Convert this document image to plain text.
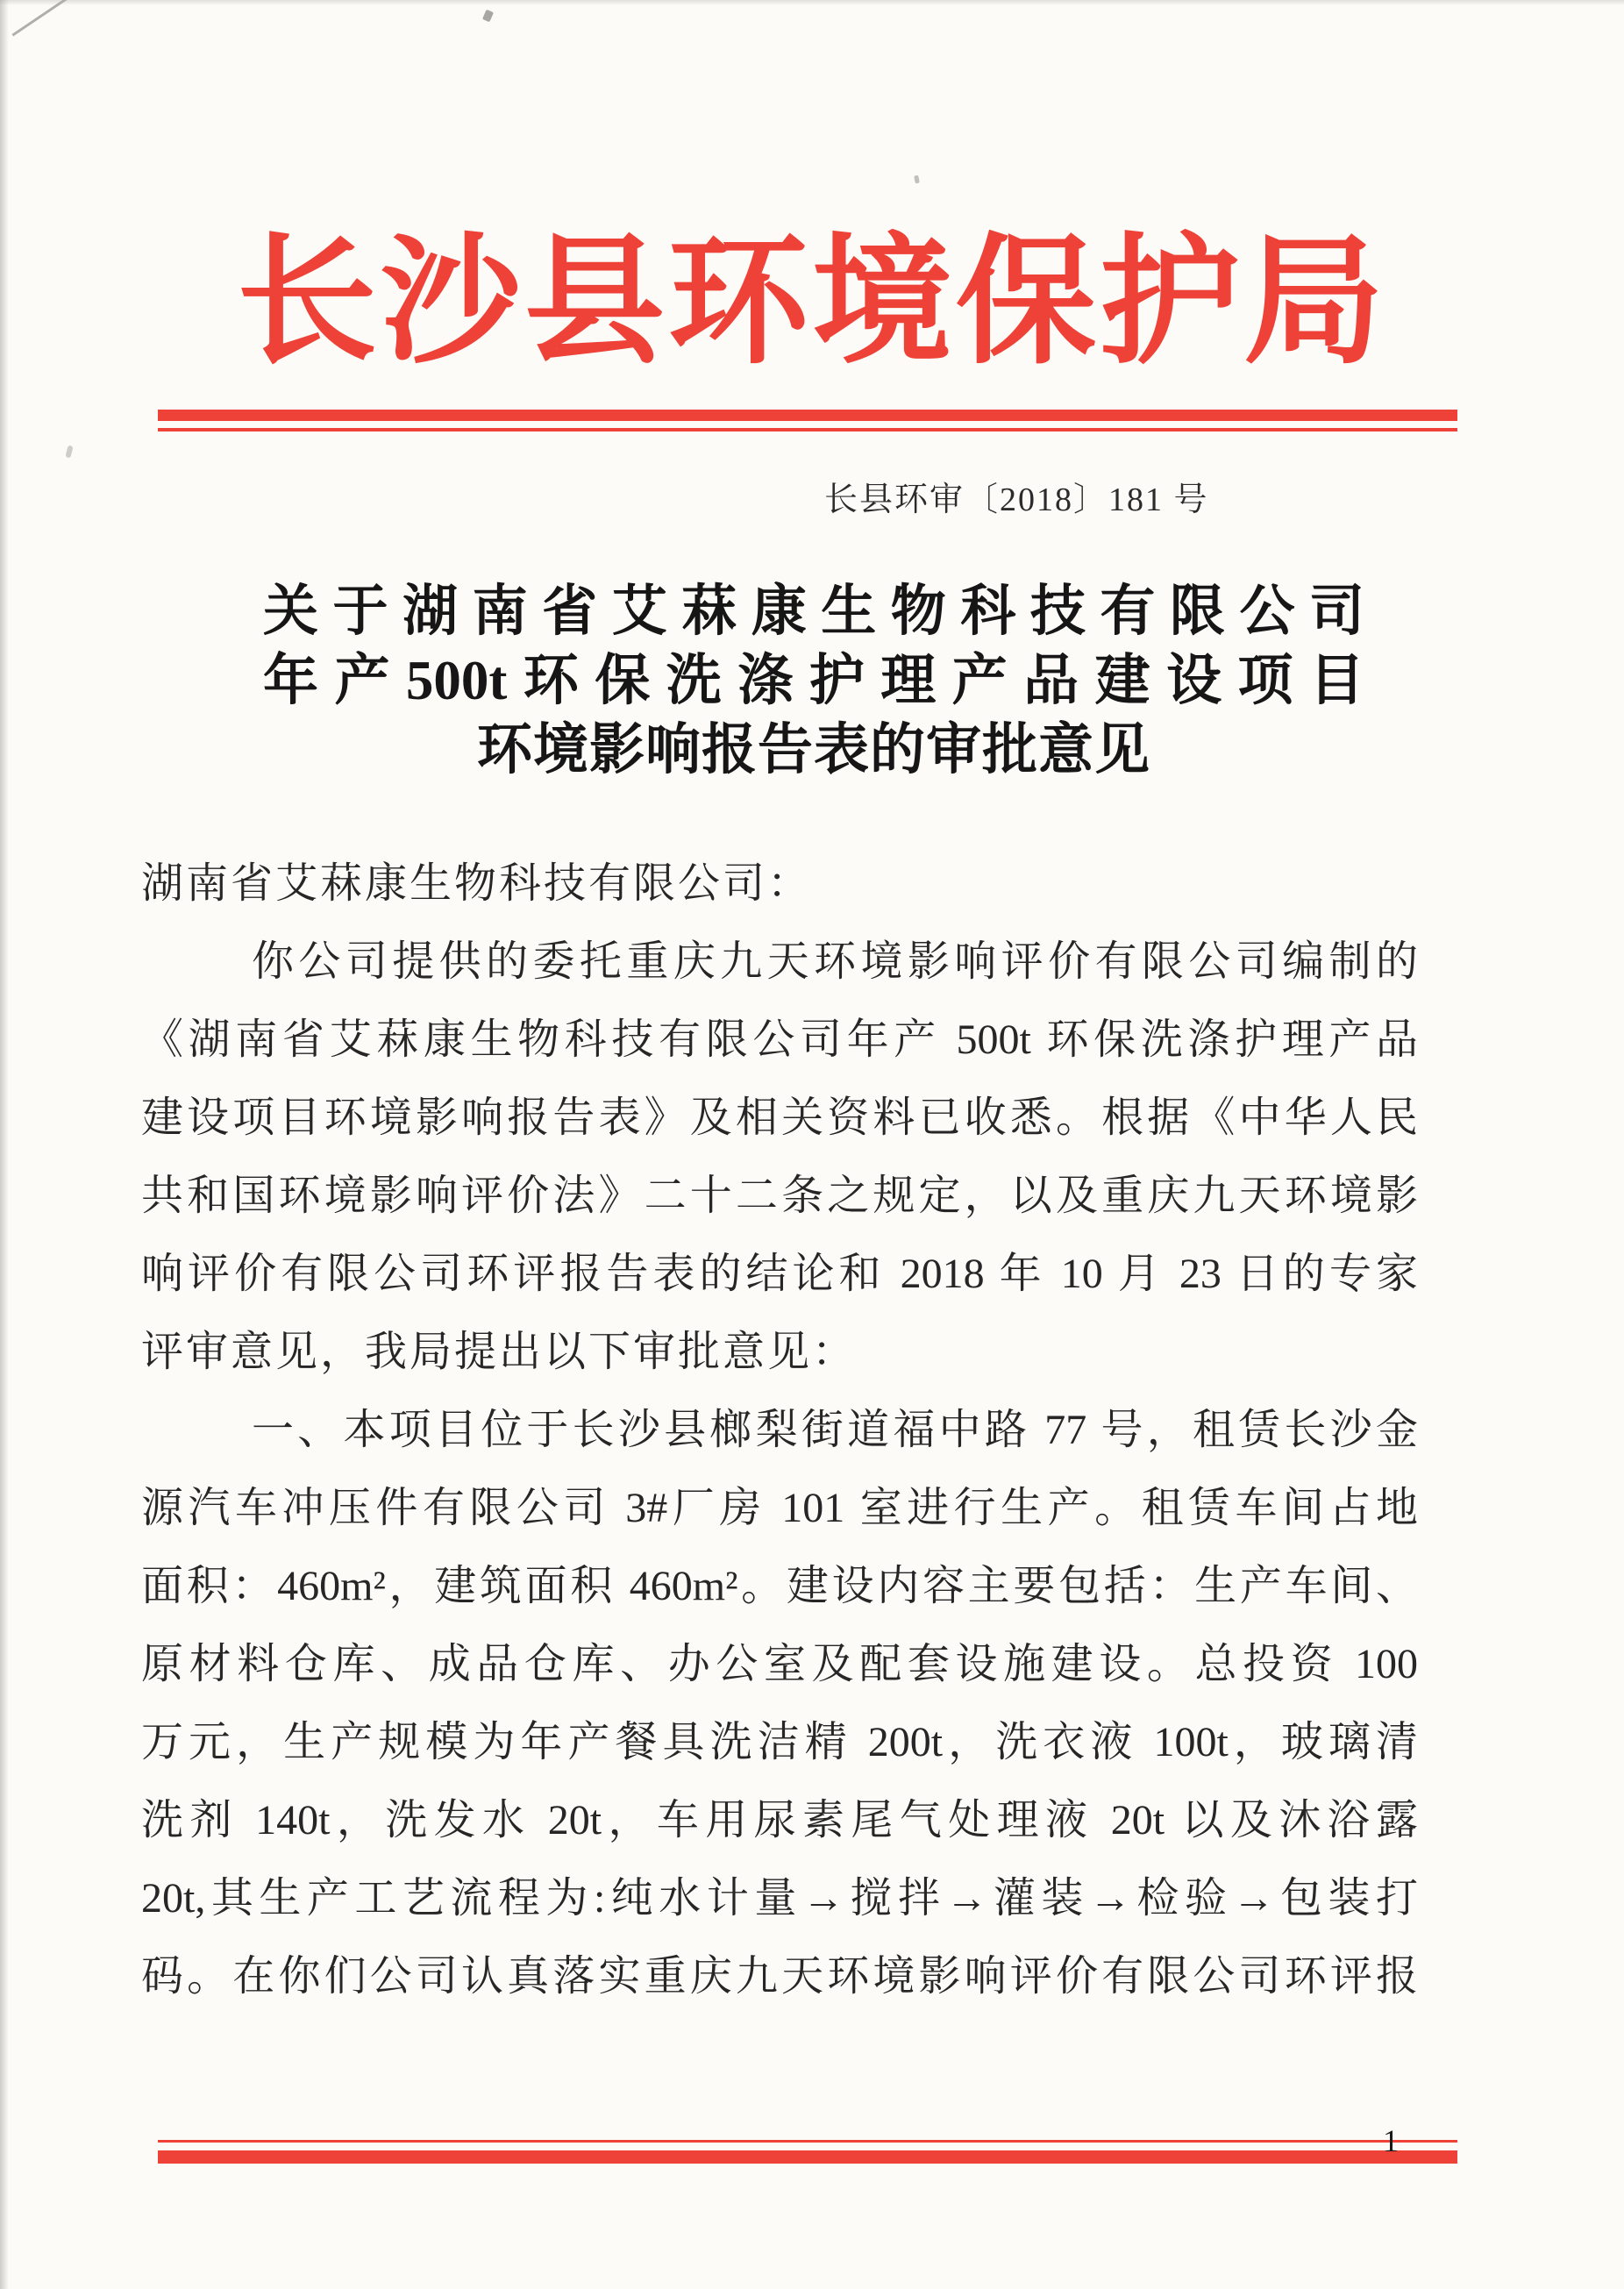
长沙县环境保护局
长县环审〔2018〕181 号
关于湖南省艾菻康生物科技有限公司
年产500t环保洗涤护理产品建设项目
环境影响报告表的审批意见
湖南省艾菻康生物科技有限公司：
你公司提供的委托重庆九天环境影响评价有限公司编制的
《湖南省艾菻康生物科技有限公司年产 500t 环保洗涤护理产品
建设项目环境影响报告表》及相关资料已收悉。根据《中华人民
共和国环境影响评价法》二十二条之规定，以及重庆九天环境影
响评价有限公司环评报告表的结论和 2018 年 10 月 23 日的专家
评审意见，我局提出以下审批意见：
一、本项目位于长沙县榔梨街道福中路 77 号，租赁长沙金
源汽车冲压件有限公司 3#厂房 101 室进行生产。租赁车间占地
面积：460m²，建筑面积 460m²。建设内容主要包括：生产车间、
原材料仓库、成品仓库、办公室及配套设施建设。总投资 100
万元，生产规模为年产餐具洗洁精 200t，洗衣液 100t，玻璃清
洗剂 140t，洗发水 20t，车用尿素尾气处理液 20t 以及沐浴露
20t,其生产工艺流程为:纯水计量→搅拌→灌装→检验→包装打
码。在你们公司认真落实重庆九天环境影响评价有限公司环评报
1
